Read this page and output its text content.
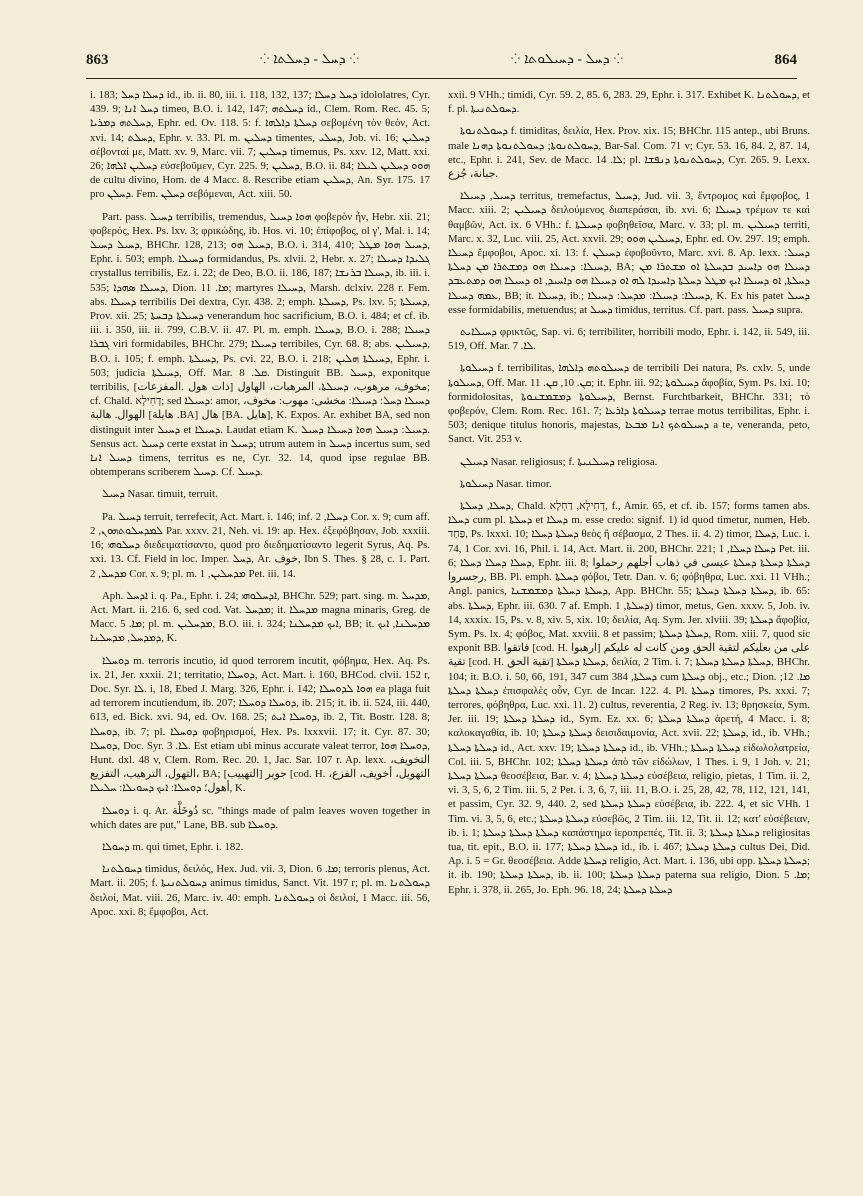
863	⁘ ܕܚܠ - ܕܚܠܬܐ ⁘	⁘ ܕܚܠ - ܕܚܝܠܘܬܐ ⁘	864

i. 183; ܕܚܠܐ ܕܚܠ id., ib. ii. 80, iii. i. 118, 132, 137; ܕܚܠ ܕܚܠܐ idololatres, Cyr. 439. 9; ܕܚܠ ܐܢܐ timeo, B.O. i. 142, 147; ܕܚܠܬܗ id., Clem. Rom. Rec. 45. 5; ܕܚܠܬܗ ܕܡܪܝܐ, Ephr. ed. Ov. 118. 5: f. ܕܚܠܬܐ ܕܐܠܗܐ σεβομένη τὸν θεόν, Act. xvi. 14; ܕܚܠܬ, Ephr. v. 33. Pl. m. ܕܚܠܝܢ timentes, ܕܚܠܝ, Job. vi. 16; ܕܚܠܝܢ σέβονταί με, Matt. xv. 9, Marc. vii. 7; ܕܚܠܝܢ timemus, Ps. xxv. 12, Matt. xxi. 26; ܕܚܠܝܢ ܐܠܗܐ εὐσεβοῦμεν, Cyr. 225. 9; ܕܚܠܝܢ, B.O. ii. 84; ܗܘܘ ܕܚܠܝܢ ܠܝܠܐ de cultu divino, Hom. de 4 Macc. 8. Rescribe etiam ܕܚܠܝܢ, An. Syr. 175. 17 pro ܕܚܠܢ. Fem. ܕܚܠܢ σεβόμεναι, Act. xiii. 50.

Part. pass. ܕܚܝܠ terribilis, tremendus, ܗܘܐ ܕܚܝܠ φοβερὸν ἦν, Hebr. xii. 21; φοβερός, Hex. Ps. lxv. 3; φρικώδης, ib. Hos. vi. 10; ἐπίφοβος, ol γ', Mal. i. 14; ܕܚܝܠ ܕܚܝܠ, BHChr. 128, 213; ܕܚܝܠ ܗܘ, B.O. i. 314, 410; ܕܚܝܠ ܗܘܐ ܡܛܠ, Ephr. i. 503; emph. ܕܚܝܠܐ formidandus, Ps. xlvii. 2, Hebr. x. 27; ܓܠܝܕܐ ܕܚܝܠܐ crystallus terribilis, Ez. i. 22; de Deo, B.O. ii. 186, 187; ܕܚܝܠܐ ܒܪܢܫܐ, ib. iii. i. 535; ܕܚܝܠܐ ܣܗܕܐ, Dion. ܡܐ. 11; martyres ܕܚܝܠܐ, Marsh. dclxiv. 228 r. Fem. abs. ܕܚܝܠܐ terribilis Dei dextra, Cyr. 438. 2; emph. ܕܚܝܠܬܐ, Ps. lxv. 5; ܕܚܝܠܬܐ, Prov. xii. 25; ܕܚܝܠܬܐ ܕܒܚܬܐ venerandum hoc sacrificium, B.O. i. 484; et cf. ib. iii. i. 350, iii. ii. 799, C.B.V. ii. 47. Pl. m. emph. ܕܚܝܠܐ, B.O. i. 288; ܕܚܝܠܐ ܓܒܪܐ viri formidabiles, BHChr. 279; ܕܚܝܠܐ terribiles, Cyr. 68. 8; abs. ܕܚܝܠܝܢ, B.O. i. 105; f. emph. ܕܚܝܠܬܐ, Ps. cvi. 22, B.O. i. 218; ܕܚܝܠܬܐ ܗܠܝܢ, Ephr. i. 503; judicia ܕܚܝܠܬܐ, Off. Mar. ܩܠ. 8. Distinguit BB. ܕܚܝܠ, exponitque terribilis, مخوف، مرهوب، ܕܚܝܠܬܐ، المرهبات، الهاول [ذات هول .المفزعات]; cf. Chald. דְחִילָא; sed ܕܚܝܠܐ: amor, ܕܚܝܠܐ ܕܚܠ: ܕܚܝܠܐ: مخشى: مهوب: مخوف، الهوال. هالبة [هايلة .BA] هال [BA. هايل], K. Expos. Ar. exhibet BA, sed non distinguit inter ܕܚܝܠ et ܕܚܝܠܐ. Laudat etiam K. ܕܚܝܠ: ܕܚܝܠ ܗܘܐ ܕܚܝܠܐ ܕܚܝܠ. Sensus act. ܕܚܝܠ certe exstat in ܕܚܝܠ; utrum autem in ܕܚܝܠ incertus sum, sed ܕܚܝܠ ܐܢܐ timens, territus es ne, Cyr. 32. 14, quod ipse regulae BB. obtemperans scriberem ܕܚܝܠ. Cf. ܕܚܝܠ.

ܕܚܝܠ Nasar. timuit, terruit.

Pa. ܕܚܝܠ terruit, terrefecit, Act. Mart. i. 146; inf. ܕܚܠܐ, 2 Cor. x. 9; cum aff. ܠܡܕܚܠܘܬܗܘܢ, 2 Par. xxxv. 21, Neh. vi. 19: ap. Hex. ἐξεφόβησαν, Job. xxxiii. 16; ܕܚܠܘܗܝ διεδειματίσαντο, quod pro διεδηματίσαντο legerit Syrus, Aq. Ps. xxi. 13. Cf. Field in loc. Imper. ܕܚܠ, Ar. خوف, Ibn S. Thes. § 28, c. 1. Part. ܡܕܚܠ, 2 Cor. x. 9; pl. m. ܡܕܚܠܝܢ, 1 Pet. iii. 14.

Aph. ܐܕܚܠ i. q. Pa., Ephr. i. 24; ܐܕܚܠܘܗܝ, BHChr. 529; part. sing. m. ܡܕܚܠ, Act. Mart. ii. 216. 6, sed cod. Vat. ܡܕܚܠ; it. ܡܕܚܠܐ magna minaris, Greg. de Macc. ܡܐ. 5; pl. m. ܡܕܚܠܝܢ, B.O. iii. i. 324; ܐܝܟ ܡܕܚܠܢܐ, BB; it. ܡܕܚܠܢܐ, ܐܝܟ ܕܡܕܚܠ, ܡܕܚܠܢܐ, K.

ܕܘܚܠܐ m. terroris incutio, id quod terrorem incutit, φόβημα, Hex. Aq. Ps. ix. 21, Jer. xxxii. 21; territatio, ܕܘܚܠܐ, Act. Mart. i. 160, BHCod. clvii. 152 r, Doc. Syr. ܠܐ. i, 18, Ebed J. Marg. 326, Ephr. i. 142; ܗܘܐ ܠܕܘܚܠܐ ea plaga fuit ad terrorem incutiendum, ib. 207; ܕܘܚܠܐ ܕܘܚܠܐ, ib. 215; it. ib. ii. 524, iii. 440, 613, ed. Bick. xvi. 94, ed. Ov. 168. 25; ܕܘܚܠܐ ܐܝܬ, ib. 2, Tit. Bostr. 128. 8; ܕܘܚܠܐ, ib. 7; pl. ܕܘܚܠܐ φοβηρισμοί, Hex. Ps. lxxxvii. 17; it. Cyr. 87. 30; ܕܘܚܠܐ, Doc. Syr. ܠܐ. 3. Est etiam ubi minus accurate valeat terror, ܕܘܚܠܐ ܗܘܐ, Hunt. dxl. 48 v, Clem. Rom. Rec. 20. 1, Jac. Sar. 107 r. Ap. lexx. التخويف، التهول، الترهيب، التفزيع، BA; جوير [التهييب] [cod. H. التهويل، أخويف، الفزع، أهول؛ ܕܘܚܠܐ: ܐܝܟ ܕܚܘܝܠܐ: ܚܠܝܠܐ, K.

ܕܘܚܠܐ i. q. Ar. دُوخَلَّة sc. "things made of palm leaves woven together in which dates are put," Lane, BB. sub ܕܘܚܠܐ.

ܕܚܘܠܐ m. qui timet, Ephr. i. 182.

ܕܚܘܠܬܢܐ timidus, δειλός, Hex. Jud. vii. 3, Dion. ܡܐ. 6; terroris plenus, Act. Mart. ii. 205; f. ܕܚܘܠܬܢܝܬܐ animus timidus, Sanct. Vit. 197 r; pl. m. ܕܚܘܠܬܢܐ δειλοί, Mat. viii. 26, Marc. iv. 40: emph. ܕܚܘܠܬܢܐ οἱ δειλοί, 1 Macc. iii. 56, Apoc. xxi. 8; ἔμφοβοι, Act.

xxii. 9 VHh.; timidi, Cyr. 59. 2, 85. 6, 283. 29, Ephr. i. 317. Exhibet K. ܕܚܘܠܬܢܐ, et f. pl. ܕܚܘܠܬܢܝܬܐ.

ܕܚܘܠܬܢܘܬܐ f. timiditas, δειλία, Hex. Prov. xix. 15; BHChr. 115 antep., ubi Bruns. male ܕܚܘܠܬܢܘܬܐ; ܕܚܘܠܬܢܘܬܐ ܕܗܢܐ, Bar-Sal. Com. 71 v; Cyr. 53. 16, 84. 2, 87. 14, etc., Ephr. i. 241, Sev. de Macc. ܠܐ. 14; pl. ܕܚܘܠܬܢܘܬܐ ܕܢܦܫܐ, Cyr. 265. 9. Lexx. جبانة، جُزع.

ܕܚܝܠ, ܕܚܝܠܐ territus, tremefactus, ܕܚܝܠ, Jud. vii. 3, ἔντρομος καὶ ἔμφοβος, 1 Macc. xiii. 2; ܕܚܝܠܝܢ δειλούμενος διαπεράσαι, ib. xvi. 6; ܕܚܝܠܐ τρέμων τε καὶ θαμβῶν, Act. ix. 6 VHh.: f. ܕܚܝܠܬܐ φοβηθεῖσα, Marc. v. 33; pl. m. ܕܚܝܠܝܢ territi, Marc. x. 32, Luc. viii. 25, Act. xxvii. 29; ܕܚܝܠܝܢ ܗܘܘ, Ephr. ed. Ov. 297. 19; emph. ܕܚܝܠܐ ἔμφοβοι, Apoc. xi. 13: f. ܕܚܝܠܢ ἐφοβοῦντο, Marc. xvi. 8. Ap. lexx. ܕܚܝܠ: ܕܚܝܠܐ: ܕܚܝܠܐ ܗܘ ܕܡܫܬܪܐ ܡܢ ܕܚܠܬܐ, BA; ܕܚܝܠܐ ܗܘ ܕܐܚܝܕ ܒܕܚܠܬܐ ܐܘ ܡܫܬܪܐ ܡܢ ܕܚܠܬܐ, ܐܘ ܕܚܝܠܐ ܐܝܟ ܡܛܠ ܕܚܠܬܐ ܕܐܚܝܕܐ ܠܗ ܐܘ ܕܚܝܠܐ ܗܘ ܕܐܚܝܕ, ܐܘ ܕܚܝܠܐ ܗܘ ܕܡܬܥܒܕ ܥܡܗ ܕܚܝܠܐ, BB; it. ܕܚܝܠܐ, ib.; ܕܚܝܠܐ: ܕܚܝܠܐ: ܡܕܚܠ: ܕܚܝܠܐ, K. Ex his patet ܕܚܝܠ esse formidabilis, metuendus; at ܕܚܝܠ timidus, territus. Cf. part. pass. ܕܚܝܠ supra.

ܕܚܝܠܐܝܬ φρικτῶς, Sap. vi. 6; terribiliter, horribili modo, Ephr. i. 142, ii. 549, iii. 519, Off. Mar. ܠܐ. 7.

ܕܚܝܠܘܬܐ f. terribilitas, ܕܚܝܠܘܬܗ ܕܐܠܗܐ de terribili Dei natura, Ps. cxlv. 5, unde ܕܚܝܠܘܬܐ, Off. Mar. ܩܢ. 10, ܩܢ. 11; it. Ephr. iii. 92; ܕܚܝܠܘܬܐ ἄφοβία, Sym. Ps. lxi. 10; formidolositas, ܕܚܝܠܘܬܐ ܕܡܫܡܫܢܘܬܐ, Bernst. Furchtbarkeit, BHChr. 331; τὸ φοβερόν, Clem. Rom. Rec. 161. 7; ܕܚܝܠܘܬܐ ܕܐܪܥܐ terrae motus terribilitas, Ephr. i. 503; denique titulus honoris, majestas, ܕܚܝܠܘܬܟ ܐܢܐ ܡܒܥܐ a te, veneranda, peto, Sanct. Vit. 253 v.

ܕܚܝܠܢ Nasar. religiosus; f. ܕܚܝܠܢܝܬܐ religiosa.

ܕܚܝܠܘܬܐ Nasar. timor.

ܕܚܠܐ, ܕܚܠܬܐ, Chald. דְחִילָא, דַחְלָא, f., Amir. 65, et cf. ib. 157; forms tamen abs. ܕܚܠܐ cum pl. ܕܚܠܬܐ et ܕܚܠܐ m. esse credo: signif. 1) id quod timetur, numen, Heb. פַּחַד, Ps. lxxxi. 10; ܕܚܠܬܐ ܕܚܠܐ θεὸς ἢ σέβασμα, 2 Thes. ii. 4. 2) timor, ܕܚܠܐ, Luc. i. 74, 1 Cor. xvi. 16, Phil. i. 14, Act. Mart. ii. 200, BHChr. 221; ܕܚܠܐ ܕܚܠܐ, 1 Pet. iii. 6; ܕܚܠܐ ܕܚܠܐ ܕܚܠܐ, Ephr. iii. 8; ܕܚܠܬܐ ܕܚܠܬܐ ܕܚܠܬܐ عيسى في ذهاب أجلهم رحملوا رجسروا, BB. Pl. emph. ܕܚܠܬܐ φόβοι, Tetr. Dan. v. 6; φόβηθρα, Luc. xxi. 11 VHh.; Angl. panics, ܕܚܠܬܐ ܕܚܠܬܐ ܕܡܫܡܫܢܐ, App. BHChr. 55; ܕܚܠܬܐ ܕܚܠܬܐ ܕܚܠܬܐ, ib. 65: abs. ܕܚܠܬܐ, Ephr. iii. 630. 7 af. Emph. ܕܚܠܬܐ, 1) timor, metus, Gen. xxxv. 5, Job. iv. 14, xxxix. 15, Ps. v. 8, xiv. 5, xix. 10; δειλία, Aq. Sym. Jer. xlviii. 39; ܕܚܠܬܐ ἄφοβία, Sym. Ps. lx. 4; φόβος, Mat. xxviii. 8 et passim; ܕܚܠܬܐ ܕܚܠܬܐ, Rom. xiii. 7, quod sic exponit BB. فاتقوا [cod. H. ارهبوا] على من بعليكم لتقية الحق ومن كانت له عليكم تقية [cod. H. تقية الحق] ܕܚܠܬܐ ܕܚܠܬܐ, δειλία, 2 Tim. i. 7; ܕܚܠܬܐ ܕܚܠܬܐ ܕܚܠܬܐ, BHChr. 104; it. B.O. i. 50, 66, 191, 347 cum ܕܚܠܬܐ, 384 cum ܕܚܠܬܐ obj., etc.; Dion. ܡܐ. 12; ܕܚܠܬܐ ܕܚܠܬܐ ἐπισφαλὲς οὖν, Cyr. de Incar. 122. 4. Pl. ܕܚܠܬܐ timores, Ps. xxxi. 7; terrores, φόβηθρα, Luc. xxi. 11. 2) cultus, reverentia, 2 Reg. iv. 13; θρησκεία, Sym. Jer. iii. 19; ܕܚܠܬܐ ܕܚܠܬܐ id., Sym. Ez. xx. 6; ܕܚܠܬܐ ܕܚܠܬܐ ἀρετή, 4 Macc. i. 8; καλοκαγαθία, ib. 10; ܕܚܠܬܐ ܕܚܠܬܐ δεισιδαιμονία, Act. xvii. 22; ܕܚܠܬܐ, id., ib. VHh.; ܕܚܠܬܐ ܕܚܠܬܐ id., Act. xxv. 19; ܕܚܠܬܐ ܕܚܠܬܐ id., ib. VHh.; ܕܚܠܬܐ ܕܚܠܬܐ εἰδωλολατρεία, Col. iii. 5, BHChr. 102; ܕܚܠܬܐ ܕܚܠܬܐ ἀπὸ τῶν εἰδώλων, 1 Thes. i. 9, 1 Joh. v. 21; ܕܚܠܬܐ ܕܚܠܬܐ θεοσέβεια, Bar. v. 4; ܕܚܠܬܐ ܕܚܠܬܐ εὐσέβεια, religio, pietas, 1 Tim. ii. 2, vi. 3, 5, 6, 2 Tim. iii. 5, 2 Pet. i. 3, 6, 7, iii. 11, B.O. i. 25, 28, 42, 78, 112, 121, 141, et passim, Cyr. 32. 9, 440. 2, sed ܕܚܠܬܐ ܕܚܠܬܐ εὐσέβεια, ib. 222. 4, et sic VHh. 1 Tim. vi. 3, 5, 6, etc.; ܕܚܠܬܐ ܕܚܠܬܐ εὐσεβῶς, 2 Tim. iii. 12, Tit. ii. 12; κατ' εὐσέβειαν, ib. i. 1; ܕܚܠܬܐ ܕܚܠܬܐ ܕܚܠܬܐ καπάστημα ἱεροπρεπές, Tit. ii. 3; ܕܚܠܬܐ ܕܚܠܬܐ religiositas tua, tit. epit., B.O. ii. 177; ܕܚܠܬܐ ܕܚܠܬܐ id., ib. i. 467; ܕܚܠܬܐ ܕܚܠܬܐ cultus Dei, Did. Ap. i. 5 = Gr. θεοσέβεια. Adde ܕܚܠܬܐ religio, Act. Mart. i. 136, ubi opp. ܕܚܠܬܐ ܕܚܠܬܐ; it. ib. 190; ܕܚܠܬܐ ܕܚܠܬܐ, ib. ii. 100; ܕܚܠܬܐ ܕܚܠܬܐ paterna sua religio, Dion. ܡܐ. 5; Ephr. i. 378, ii. 265, Jo. Eph. 96. 18, 24; ܕܚܠܬܐ ܕܚܠܬܐ
